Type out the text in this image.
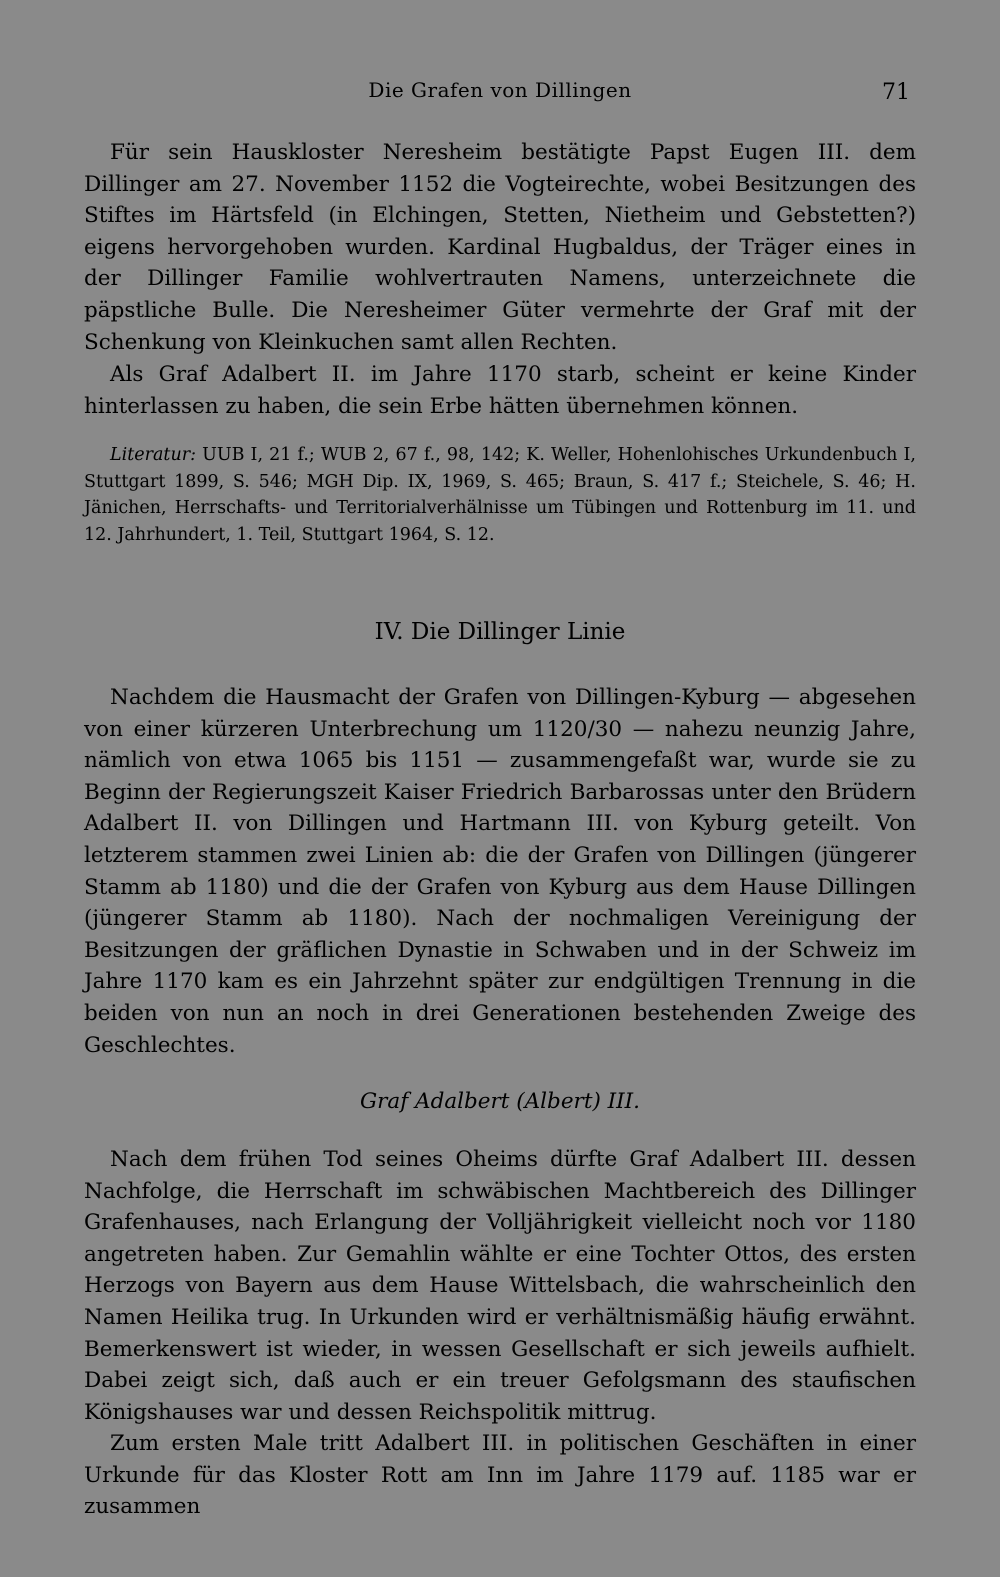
Die Grafen von Dillingen	71

Für sein Hauskloster Neresheim bestätigte Papst Eugen III. dem Dillinger am 27. November 1152 die Vogteirechte, wobei Besitzungen des Stiftes im Härtsfeld (in Elchingen, Stetten, Nietheim und Gebstetten?) eigens hervorgehoben wurden. Kardinal Hugbaldus, der Träger eines in der Dillinger Familie wohlvertrauten Namens, unterzeichnete die päpstliche Bulle. Die Neresheimer Güter vermehrte der Graf mit der Schenkung von Kleinkuchen samt allen Rechten.

Als Graf Adalbert II. im Jahre 1170 starb, scheint er keine Kinder hinterlassen zu haben, die sein Erbe hätten übernehmen können.

Literatur: UUB I, 21 f.; WUB 2, 67 f., 98, 142; K. Weller, Hohenlohisches Urkundenbuch I, Stuttgart 1899, S. 546; MGH Dip. IX, 1969, S. 465; Braun, S. 417 f.; Steichele, S. 46; H. Jänichen, Herrschafts- und Territorialverhälnisse um Tübingen und Rottenburg im 11. und 12. Jahrhundert, 1. Teil, Stuttgart 1964, S. 12.

IV. Die Dillinger Linie

Nachdem die Hausmacht der Grafen von Dillingen-Kyburg — abgesehen von einer kürzeren Unterbrechung um 1120/30 — nahezu neunzig Jahre, nämlich von etwa 1065 bis 1151 — zusammengefaßt war, wurde sie zu Beginn der Regierungszeit Kaiser Friedrich Barbarossas unter den Brüdern Adalbert II. von Dillingen und Hartmann III. von Kyburg geteilt. Von letzterem stammen zwei Linien ab: die der Grafen von Dillingen (jüngerer Stamm ab 1180) und die der Grafen von Kyburg aus dem Hause Dillingen (jüngerer Stamm ab 1180). Nach der nochmaligen Vereinigung der Besitzungen der gräflichen Dynastie in Schwaben und in der Schweiz im Jahre 1170 kam es ein Jahrzehnt später zur endgültigen Trennung in die beiden von nun an noch in drei Generationen bestehenden Zweige des Geschlechtes.

Graf Adalbert (Albert) III.

Nach dem frühen Tod seines Oheims dürfte Graf Adalbert III. dessen Nachfolge, die Herrschaft im schwäbischen Machtbereich des Dillinger Grafenhauses, nach Erlangung der Volljährigkeit vielleicht noch vor 1180 angetreten haben. Zur Gemahlin wählte er eine Tochter Ottos, des ersten Herzogs von Bayern aus dem Hause Wittelsbach, die wahrscheinlich den Namen Heilika trug. In Urkunden wird er verhältnismäßig häufig erwähnt. Bemerkenswert ist wieder, in wessen Gesellschaft er sich jeweils aufhielt. Dabei zeigt sich, daß auch er ein treuer Gefolgsmann des staufischen Königshauses war und dessen Reichspolitik mittrug.

Zum ersten Male tritt Adalbert III. in politischen Geschäften in einer Urkunde für das Kloster Rott am Inn im Jahre 1179 auf. 1185 war er zusammen
